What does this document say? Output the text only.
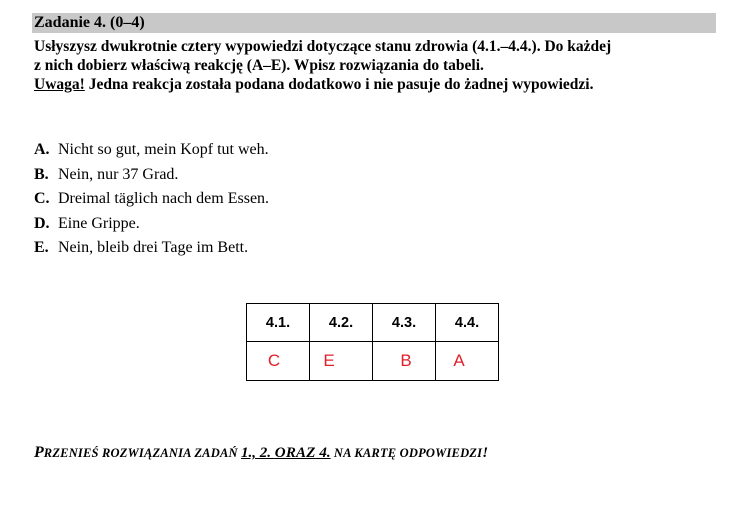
Zadanie 4. (0–4)
Usłyszysz dwukrotnie cztery wypowiedzi dotyczące stanu zdrowia (4.1.–4.4.). Do każdej
z nich dobierz właściwą reakcję (A–E). Wpisz rozwiązania do tabeli.
Uwaga! Jedna reakcja została podana dodatkowo i nie pasuje do żadnej wypowiedzi.
A. Nicht so gut, mein Kopf tut weh.
B. Nein, nur 37 Grad.
C. Dreimal täglich nach dem Essen.
D. Eine Grippe.
E. Nein, bleib drei Tage im Bett.
4.1.	4.2.	4.3.	4.4.
C	E	B	A
PRZENIEŚ ROZWIĄZANIA ZADAŃ 1., 2. ORAZ 4. NA KARTĘ ODPOWIEDZI!
